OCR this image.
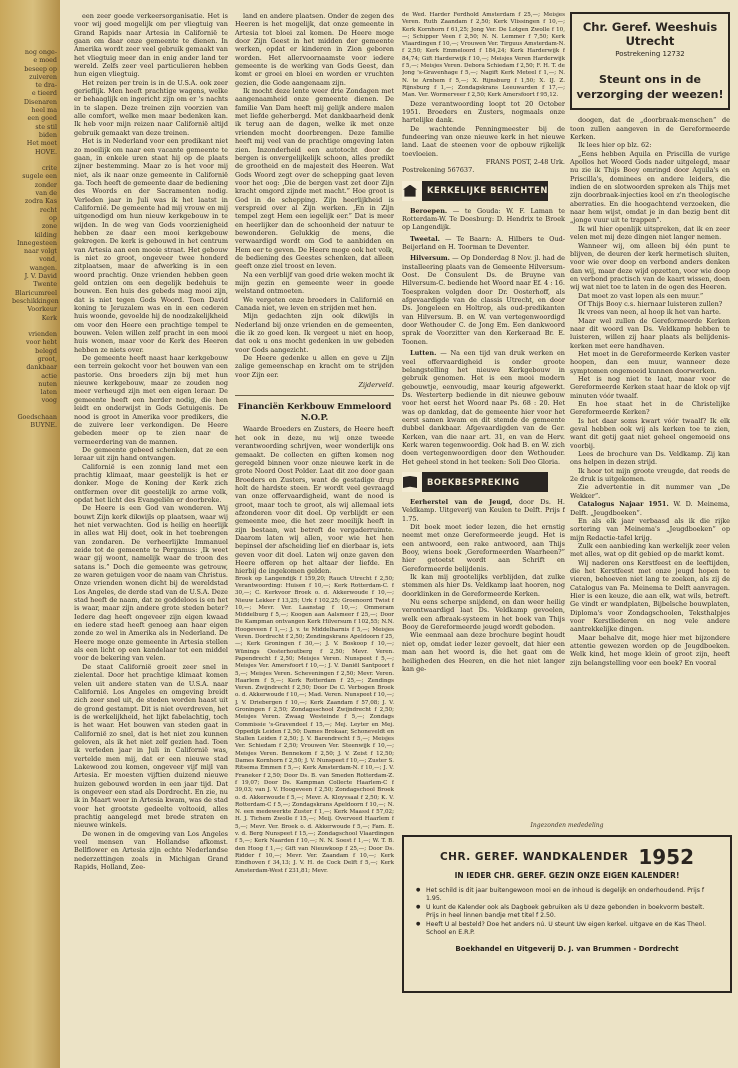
nog onge-
e moed
beseep op
zuiveren
te dra-
e tieerd
Disenaren
heel ma
een goed
ste stil
biden
Het moet
HOVE.

crite
sugele een
zonder
van de
zodra Kas
recht
op
zone
kilding
Innegesteen
naar volgt
vond,
wangen.
J. V. David
Twente
Blaricumreel
beschikkingen
Voorkeur
Kerk

vrienden
voor hebt
belegd
groot,
dankbaar
actie
nuten
laten
voog

Goedschaan
BUYNE.

een zeer goede verkeersorganisatie. Het is voor wij goed mogelijk om per vliegtuig van Grand Rapids naar Artesia in Californië te gaan om daar onze gemeente te dienen. In Amerika wordt zeer veel gebruik gemaakt van het vliegtuig meer dan in enig ander land ter wereld. Zelfs zeer veel particulieren hebben hun eigen vliegtuig.

Het reizen per trein is in de U.S.A. ook zeer gerieflijk. Men heeft prachtige wagens, welke er behaaglijk en ingericht zijn om er 's nachts in te slapen. Deze treinen zijn voorzien van alle comfort, welke men maar bedenken kan. Ik heb voor mijn reizen naar Californië altijd gebruik gemaakt van deze treinen.

Het is in Nederland voor een predikant niet zo moeilijk om naar een vacante gemeente te gaan, in enkele uren staat hij op de plaats zijner bestemming. Maar zo is het voor mij niet, als ik naar onze gemeente in Californië ga. Toch heeft de gemeente daar de bediening des Woords en der Sacramenten nodig. Verleden jaar in Juli was ik het laatst in Californië. De gemeente had mij vrouw en mij uitgenodigd om hun nieuw kerkgebouw in te wijden. In de weg van Gods voorzienigheid hebben ze daar een mooi kerkgebouw gekregen. De kerk is gebouwd in het centrum van Artesia aan een mooie straat. Het gebouw is niet zo groot, ongeveer twee honderd zitplaatsen, maar de afwerking is in een woord prachtig. Onze vrienden hebben geen geld ontzien om een degelijk bedehuis te bouwen. Een huis des gebeds mag mooi zijn, dat is niet tegen Gods Woord. Toen David koning te Jeruzalem was en in een cederen huis woonde, gevoelde hij de noodzakelijkheid om voor den Heere een prachtige tempel te bouwen. Velen willen zelf pracht in een mooi huis wonen, maar voor de Kerk des Heeren hebben ze niets over.

De gemeente heeft naast haar kerkgebouw een terrein gekocht voor het bouwen van een pastorie. Ons broeders zijn bij met hun nieuwe kerkgebouw, maar ze zouden nog meer verheugd zijn met een eigen leraar. De gemeente heeft een herder nodig, die hen leidt en onderwijst in Gods Getuigenis. De nood is groot in Amerika voor predikers, die de zuivere leer verkondigen. De Heere gebeden meer op te zien naar de vermeerdering van de mannen.

De gemeente gebeed schenken, dat ze een leraar uit zijn hand ontvangen.

Californië is een zonnig land met een prachtig klimaat, maar geestelijk is het er donker. Moge de Koning der Kerk zich ontfermen over dit geestelijk zo arme volk, opdat het licht des Evangeliën er doorbreke.

De Heere is een God van wonderen. Wij bouwt Zijn kerk dikwijls op plaatsen, waar wij het niet verwachten. God is heilig en heerlijk in alles wat Hij doet, ook in het toebrengen van zondaren. De verheerlijkte Immanuel zeide tot de gemeente te Pergamus: ‚Ik weet waar gij woont, namelijk waar de troon des satans is.” Doch die gemeente was getrouw, ze waren getuigen voor de naam van Christus. Onze vrienden wonen dicht bij de wereldstad Los Angeles, de derde stad van de U.S.A. Deze stad heeft de naam, dat ze goddeloos is en het is waar, maar zijn andere grote steden beter? Iedere dag heeft ongeveer zijn eigen kwaad en iedere stad heeft genoeg aan haar eigen zonde zo wel in Amerika als in Nederland. De Heere moge onze gemeente in Artesia stellen als een licht op een kandelaar tot een middel voor de bekering van velen.

De staat Californië groeit zeer snel in zielental. Door het prachtige klimaat komen velen uit andere staten van de U.S.A. naar Californië. Los Angeles en omgeving breidt zich zeer snel uit, de steden worden haast uit de grond gestampt. Dit is niet overdreven, het is de werkelijkheid, het lijkt fabelachtig, toch is het waar. Het bouwen van steden gaat in Californië zo snel, dat is het niet zou kunnen geloven, als ik het niet zelf gezien had. Toen ik verleden jaar in Juli in Californië was, vertelde men mij, dat er een nieuwe stad Lakewood zou komen, ongeveer vijf mijl van Artesia. Er moesten vijftien duizend nieuwe huizen gebouwd worden in een jaar tijd. Dat is ongeveer een stad als Dordrecht. En zie, nu ik in Maart weer in Artesia kwam, was de stad voor het grootste gedeelte voltooid, alles prachtig aangelegd met brede straten en nieuwe winkels.

De wonen in de omgeving van Los Angeles veel mensen van Hollandse afkomst. Bellflower en Artesia zijn echte Nederlandse nederzettingen zoals in Michigan Grand Rapids, Holland, Zee-

land en andere plaatsen. Onder de zegen des Heeren is het mogelijk, dat onze gemeente in Artesia tot bloei zal komen. De Heere moge door Zijn Geest in het midden der gemeente werken, opdat er kinderen in Zion geboren worden. Het allervoornaamste voor iedere gemeente is de werking van Gods Geest, dan komt er groei en bloei en worden er vruchten gezien, die Gode aangenaam zijn.

Ik mocht deze lente weer drie Zondagen met aangenaamheid onze gemeente dienen. De familie Van Dam heeft mij gelijk andere malen met liefde geherbergd. Met dankbaarheid denk ik terug aan de dagen, welke ik met onze vrienden mocht doorbrengen. Deze familie heeft mij veel van de prachtige omgeving laten zien. Inzonderheid een autotocht door de bergen is onvergelijkelijk schoon, alles predikt de grootheid en de majesteit des Heeren. Wat Gods Woord zegt over de schepping gaat leven voor het oog: ‚Die de bergen vast zet door Zijn kracht omgord zijnde met macht.” Hoe groot is God in de schepping. Zijn heerlijkheid is verspreid over al Zijn werken. ‚En in Zijn tempel zegt Hem een iegelijk eer.” Dat is meer en heerlijker dan de schoonheid der natuur te bewonderen. Gelukkig de mens, die verwaardigd wordt om God te aanbidden en Hem eer te geven. De Heere moge ook het volk, de bediening des Geestes schenken, dat alleen geeft onze ziel troost en leven.

Na een verblijf van goed drie weken mocht ik mijn gezin en gemeente weer in goede welstand ontmoeten.

We vergeten onze broeders in Californië en Canada niet, we leven en strijden met hen.

Mijn gedachten zijn ook dikwijls in Nederland bij onze vrienden en de gemeenten, die ik zo goed ken. Ik vergeet u niet en hoop, dat ook u ons mocht gedenken in uw gebeden voor Gods aangezicht.

De Heere gedenke u allen en geve u Zijn zalige gemeenschap en kracht om te strijden voor Zijn eer.

Zijderveld.
Financiën Kerkbouw Emmeloord N.O.P.

Waarde Broeders en Zusters, de Heere heeft het ook in deze, nu wij onze tweede verantwoording schrijven, weer wonderlijk ons gemaakt. De collecten en giften komen nog geregeld binnen voor onze nieuwe kerk in de grote Noord Oost Polder. Laat dit zoo door gaan Broeders en Zusters, want de gestadige drup holt de hardste steen. Er wordt veel gevraagd van onze offervaardigheid, want de nood is groot, maar toch te groot, als wij allemaal iets afzonderen voor dit doel. Op verblijdt er een gemeente mee, die het zeer moeilijk heeft in zijn bestaan, wat betreft de vergaderruimte. Daarom laten wij allen, voor wie het hen bepinsel der afscheiding lief en dierbaar is, iets geven voor dit doel. Laten wij onze gaven den Heere offeren op het altaar der liefde. En hierbij de ingekomen gelden.

Broek op Langendijk f 159,20; Rauch Utrecht f 2,50; Verantwoording: Huisen f 10,—; Kerk Rotterdam-C. f 30,—; C. Kerkvoor Broek o. d. Akkerwoude f 10,—; Nieuw Lekker f 13,25; Urk f 102,25; Groenoord Twist f 10,—; Mevr. Ver. Laanstag f 10,—; Ommeram Middelburg f 5,—; Koogen aan Aalsmeer f 25,—; Door De Kampman ontvangen Kerk Hilversum f 102,55; N.N. Hoogeveen f 1,—; J. v. te Middelharnis f 5,—; Meisjes Veren. Dordrecht f 2,50; Zendingskrans Apeldoorn f 25,—; Kerk Groningen f 30,—; J. V. Boskoop f 10,—; Wünings Oosterhoutberg f 2,50; Mevr. Veren. Papendrecht f 2,50; Meisjes Veren. Nunspeet f 5,—; Meisjes Ver. Amersfoort f 10,—; J. V. Daniël Santpoort f 5,—; Meisjes Veren. Scheveningen f 2,50; Mevr. Veren. Haarlem f 5,—; Kerk Rotterdam f 25,—; Zendings Veren. Zwijndrecht f 2,50; Door De C. Verbogen Broek o. d. Akkerwoude f 10,—; Mad. Veren. Nunspeet f 10,—; J. V. Driebergen f 10,—; Kerk Zaandam f 57,08; J. V. Groningen f 2,50; Zondagsschool Zwijndrecht f 2,50; Meisjes Veren. Zwaag Westeinde f 5,—; Zondags Commissie 's-Gravendeel f 15,—; Mej. Leyter en Mej. Oppedijk Leiden f 2,50; Dames Brokaar, Schoneveldt en Stallen Leiden f 2,50; J. V. Barendrecht f 5,—; Meisjes Ver. Schiedam f 2,50; Vrouwen Ver. Steenwijk f 10,—; Meisjes Veren. Bennekom f 2,50; J. V. Zeist f 12,50; Dames Kornhorn f 2,50; J. V. Nunspeet f 10,—; Zuster S. Ritsema Emmen f 5,—; Kerk Amsterdam-N. f 10,—; J. V. Franeker f 2,50; Door Ds. B. van Smeden Rotterdam-Z. f 19,07; Door Ds. Kampman Collecte Haarlem-C f 39,03; van J. V. Hoogeveen f 2,50; Zondagschool Broek o. d. Akkerwoude f 5,—; Mevr. A. Kloyvsaal f 2,50; K. V. Rotterdam-C f 5,—; Zondagskrans Apeldoorn f 10,—; N. N. een medewerkte Zuster f 1,—; Kerk Maassl f 57,02; H. J. Tichem Zwolle f 15,—; Meij. Overveed Haarlem f 5,—; Mevr. Ver. Broek o. d. Akkerwoude f 5,—; Fam. E. v. d. Berg Nunspeet f 15,—; Zondagschool Vlaardingen f 5,—; Kerk Naarden f 10,—; N. N. Soest f 1,—; W. T. B. den Hoog f 1,—; Gift van Nieuwkoop f 25,—; Door Ds. Ridder f 10,—; Mevr. Ver. Zaandam f 10,—; Kerk Eindhoven f 34,13; J. V. H. de Cock Delft f 5,—; Kerk Amsterdam-West f 231,81; Mevr.
de Wed. Harder Ferdhold Amsterdam f 25,—; Meisjes Veren. Ruth Zaandam f 2,50; Kerk Vlissingen f 10,—; Kerk Kornhorn f 61,25; Jong Ver. De Lotgen Zwolle f 10,—; Schipper Veen f 2,50; N. N. Lemmer f 7,50; Kerk Vlaardingen f 10,—; Vrouwen Ver. Tirguus Amsterdam-N. f 2,50; Kerk Emmeloord f 184,24; Kerk Harderwijk f 84,74; Gift Harderwijk f 10,—; Meisjes Veren Harderwijk f 5,—; Meisjes Veren. Debora Schiedam f 2,50; F. H. T. de Jong 's-Gravenhage f 5,—; Nagift Kerk Meteel f 1,—; N. N. te Arnhem f 5,—; X. Rijnsburg f 1,50; X. IJ. Z. Rijnsburg f 1,—; Zondagskrans Leeuwarden f 17,—; Man. Ver. Wormerveer f 2,50; Kerk Amersfoort f 95,12.

Deze verantwoording loopt tot 20 October 1951. Broeders en Zusters, nogmaals onze hartelijke dank.

De wachtende Penningmeester bij de fundeering van onze nieuwe kerk in het nieuwe land. Laat de steenen voor de opbouw rijkelijk toevloeien.

FRANS POST, 2-48 Urk.
Postrekening 567637.
KERKELIJKE BERICHTEN

Beroepen. — te Gouda: W. F. Laman te Rotterdam-W. Te Doesburg: D. Hendrix te Broek op Langendijk.

Tweetal. — Te Baarn: A. Hilbers te Oud-Beijerland en H. Toorman te Deventer.

Hilversum. — Op Donderdag 8 Nov. jl. had de installeering plaats van de Gemeente Hilversum-Oost. De Consulent Ds. de Bruyne van Hilversum-C. bediende het Woord naar Ef. 4 : 16. Toespraken volgden door Dr. Oosterhoff, als afgevaardigde van de classis Utrecht, en door Ds. Jongeleen en Holtrop, als oud-predikanten van Hilversum. B. en W. van vertegenwoordigd door Wethouder C. de Jong Em. Een dankwoord sprak de Voorzitter van den Kerkeraad Br. E. Toonen.

Lutten. — Na een tijd van druk werken en veel offervaardigheid is onder groote belangstelling het nieuwe Kerkgebouw in gebruik genomen. Het is een mooi modern gebouwtje, eenvoudig, maar keurig afgewerkt. Ds. Westerterp bediende in dit nieuwe gebouw voor het eerst het Woord naar Ps. 68 : 20. Het was op dankdag, dat de gemeente hier voor het eerst samen kwam en dit stemde de gemeente dubbel dankbaar. Afgevaardigden van de Ger. Kerken, van die naar art. 31, en van de Herv. Kerk waren tegenwoordig. Ook had B. en W. zich doen vertegenwoordigen door den Wethouder. Het geheel stond in het teeken: Soli Deo Gloria.

BOEKBESPREKING

Eerherstel van de Jeugd, door Ds. H. Veldkamp. Uitgeverij van Keulen te Delft. Prijs f 1.75.

Dit boek moet ieder lezen, die het ernstig neemt met onze Gereformeerde jeugd. Het is een antwoord, een rake antwoord, aan Thijs Booy, wiens boek ‚Gereformeerden Waarheen?” hier getoetst wordt aan Schrift en Gereformeerde belijdenis.

Ik kan mij grootelijks verblijden, dat zulke stemmen als hier Ds. Veldkamp laat hooren, nog doorklinken in de Gereformeerde Kerken.

Nu eens scherpe snijdend, en dan weer heilig verontwaardigd laat Ds. Veldkamp gevoelen, welk een afbraak-systeem in het boek van Thijs Booy de Gereformeerde jeugd wordt geboden.

Wie eenmaal aan deze brochure begint houdt niet op, omdat ieder lezer gevoelt, dat hier een man aan het woord is, die het gaat om de heiligheden des Heeren, en die het niet langer kan ge-

Chr. Geref. Weeshuis Utrecht
Postrekening 12732
Steunt ons in de verzorging der weezen!

doogen, dat de „doorbraak-menschen” de toon zullen aangeven in de Gereformeerde Kerken.

Ik lees hier op blz. 62:

„Eens hebben Aquila en Priscilla de vurige Apollos het Woord Gods nader uitgelegd, maar nu zie ik Thijs Booy omringd door Aquila's en Priscilla's, dominees en andere leiders, die indien de en slotwoorden spreken als Thijs met zijn doorbraak-injecties kool en z'n theologische aberraties. En die hoogachtend verzoeken, die naar hem wijst, omdat je in dan bezig bent dit „jonge vuur uit te trappen”.

Ik wil hier openlijk uitspreken, dat ik en zeer velen met mij deze dingen niet langer nemen.

Wanneer wij, om alleen bij één punt te blijven, de deuren der kerk hermetisch sluiten, voor wie over doop en verbond anders denken dan wij, maar deze wijd opzetten, voor wie doop en verbond practisch van de kaart wissen, doen wij wat niet toe te laten in de ogen des Heeren.

Dat moet zo vast lopen als een muur.”

Of Thijs Booy c.s. hiernaar luisteren zullen?

Ik vrees van neen, al hoop ik het van harte.

Maar wel zullen de Gereformeerde Kerken naar dit woord van Ds. Veldkamp hebben te luisteren, willen zij haar plaats als belijdenis-kerken met eere handhaven.

Het moet in de Gereformeerde Kerken vaster hoopen, dan een muur, wanneer deze symptomen ongemoeid kunnen doorwerken.

Het is nog niet te laat, maar voor de Gereformeerde Kerken staat haar de klok op vijf minuten vóór twaalf.

En hoe staat het in de Christelijke Gereformeerde Kerken?

Is het daar soms kwart vóór twaalf? Ik elk geval hebben ook wij als kerken toe te zien, want dit getij gaat niet geheel ongemoeid ons voorbij.

Lees de brochure van Ds. Veldkamp. Zij kan ons helpen in dezen strijd.

Ik hoor tot mijn groote vreugde, dat reeds de 2e druk is uitgekomen.

Zie advertentie in dit nummer van „De Wekker”.

Catalogus Najaar 1951. W. D. Meinema, Delft. „Jeugdboeken”.

En als elk jaar verbaasd als ik die rijke sortering van Meinema's „Jeugdboeken” op mijn Redactie-tafel krijg.

Zulk een aanbieding kan werkelijk zeer velen met alles, wat op dit gebied op de markt komt.

Wij naderen ons Kerstfeest en de leeftijden, die het Kerstfeest met onze jeugd hopen te vieren, behoeven niet lang te zoeken, als zij de Catalogus van Fa. Meinema te Delft aanvragen. Hier is een keuze, die aan elk, wat wils, betreft. Ge vindt er wandplaten, Bijbelsche bouwplaten, Diploma's voor Zondagschoolen, Teksthalpjes voor Kerstliederen en nog vele andere aantrekkelijke dingen.

Maar behalve dit, moge hier met bijzondere attentie gewezen worden op de Jeugdboeken. Welk kind, het moge klein of groot zijn, heeft zijn belangstelling voor een boek? En vooral

Ingezonden mededeling
CHR. GEREF. WANDKALENDER 1952
IN IEDER CHR. GEREF. GEZIN ONZE EIGEN KALENDER!
● Het schild is dit jaar buitengewoon mooi en de inhoud is degelijk en onderhoudend. Prijs f 1.95.
● U kunt de Kalender ook als Dagboek gebruiken als U deze gebonden in boekvorm bestelt. Prijs in heel linnen bandje met titel f 2.50.
● Heeft U al besteld? Doe het anders nú. U steunt Uw eigen kerkel. uitgave en de Kas Theol. School en E.R.P.
Boekhandel en Uitgeverij D. J. van Brummen - Dordrecht
